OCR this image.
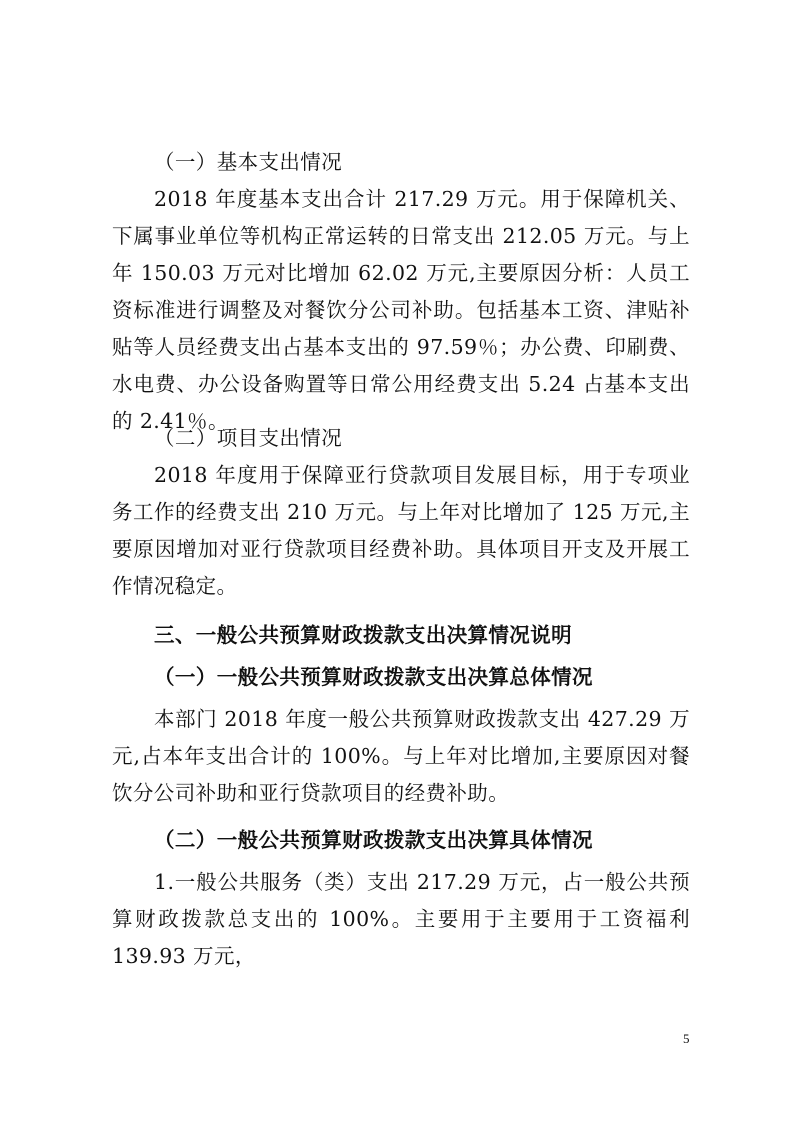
（一）基本支出情况

2018 年度基本支出合计 217.29 万元。用于保障机关、下属事业单位等机构正常运转的日常支出 212.05 万元。与上年 150.03 万元对比增加 62.02 万元,主要原因分析：人员工资标准进行调整及对餐饮分公司补助。包括基本工资、津贴补贴等人员经费支出占基本支出的 97.59％；办公费、印刷费、水电费、办公设备购置等日常公用经费支出 5.24 占基本支出的 2.41％。

（二）项目支出情况

2018 年度用于保障亚行贷款项目发展目标，用于专项业务工作的经费支出 210 万元。与上年对比增加了 125 万元,主要原因增加对亚行贷款项目经费补助。具体项目开支及开展工作情况稳定。

三、一般公共预算财政拨款支出决算情况说明

（一）一般公共预算财政拨款支出决算总体情况

本部门 2018 年度一般公共预算财政拨款支出 427.29 万元,占本年支出合计的 100%。与上年对比增加,主要原因对餐饮分公司补助和亚行贷款项目的经费补助。

（二）一般公共预算财政拨款支出决算具体情况

1.一般公共服务（类）支出 217.29 万元，占一般公共预算财政拨款总支出的 100%。主要用于主要用于工资福利 139.93 万元，

5
